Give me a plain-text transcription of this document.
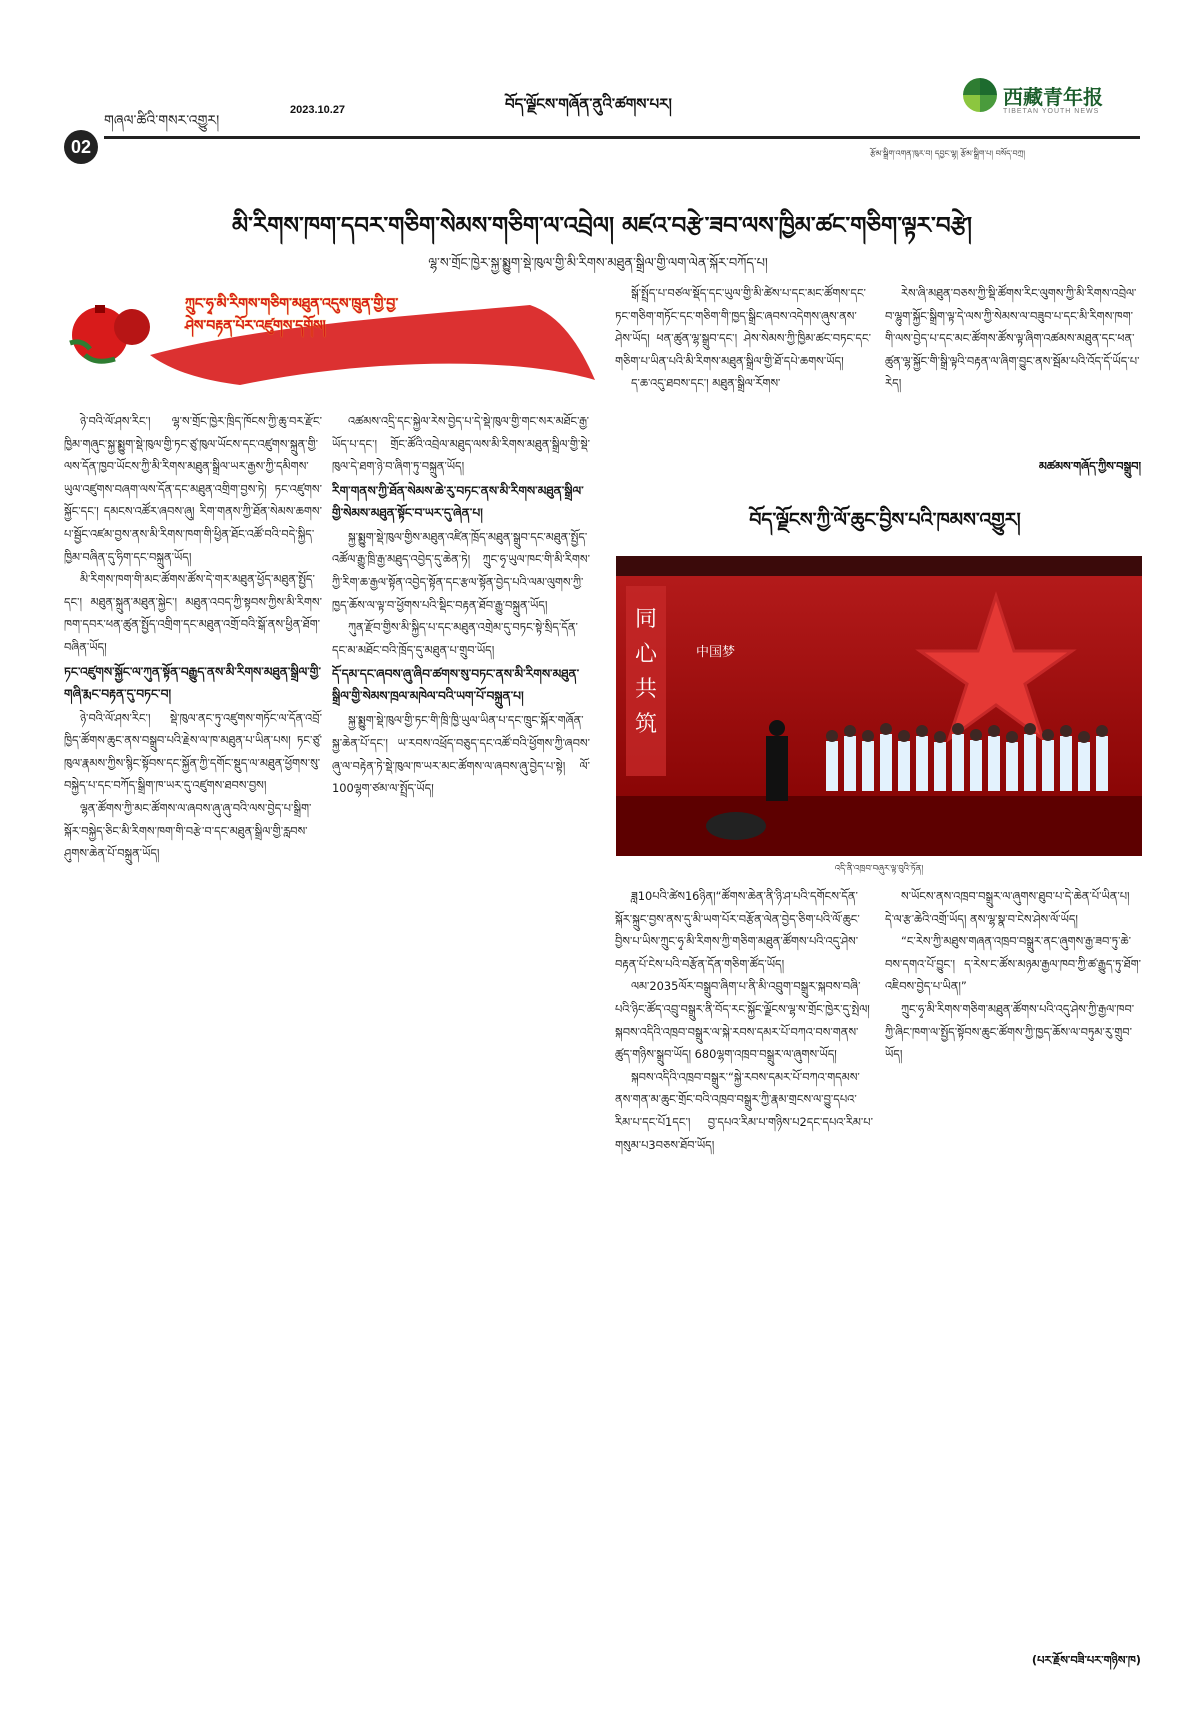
གཞལ་ཚིའི་གསར་འགྱུར།
2023.10.27	བོད་ལྗོངས་གཞོན་ནུའི་ཚགས་པར།	西藏青年报
TIBETAN YOUTH NEWS
02	རྩོམ་སྒྲིག་འགན་ཁུར་བ། དབྱང་ལྷ། རྩོམ་སྒྲིག་པ། བསོད་བཀྲ།
མི་རིགས་ཁག་དབར་གཅིག་སེམས་གཅིག་ལ་འབྲེལ། མཛའ་བརྩེ་ཟབ་ལས་ཁྱིམ་ཚང་གཅིག་ལྟར་བརྩེ།
ལྷ་ས་གྲོང་ཁྱེར་སྐྱ་སྨྱུག་སྡེ་ཁུལ་གྱི་མི་རིགས་མཐུན་སྒྲིལ་གྱི་ལག་ལེན་སྐོར་བཀོད་པ།
ཀྲུང་ཧྭ་མི་རིགས་གཅིག་མཐུན་འདུས་ཁྲུན་གྱི་བྱ་
ཤེས་བརྟན་པོར་འཛུགས་དགོས།

ཉེ་བའི་ལོ་ཤས་རིང་། ལྷ་ས་གྲོང་ཁྱེར་ཁྲིད་ཁོངས་ཀྱི་ཆུ་བར་རྫོང་ཁྱིམ་གཞུང་སྐྱ་སྨྱུག་སྡེ་ཁུལ་གྱི་ཏང་ཙུ་ཁུལ་ཡོངས་དང་འཛུགས་སྐྲུན་གྱི་ལས་དོན་ཁྱབ་ཡོངས་ཀྱི་མི་རིགས་མཐུན་སྒྲིལ་ཡར་རྒྱས་ཀྱི་དམིགས་ཡུལ་འཛུགས་བཞག་ལས་དོན་དང་མཐུན་འགྲིག་བྱས་ཏེ། ཏང་འཛུགས་སྐྱོང་དང་། དམངས་འཚོར་ཞབས་ཞུ། རིག་གནས་ཀྱི་ཐོན་སེམས་ཆགས་པ་སྦྱོང་འཛམ་བྱས་ནས་མི་རིགས་ཁག་གི་ཕྱིན་ཐོང་འཚོ་བའི་བདེ་སྐྱིད་ཁྱིམ་བཞིན་དུ་ཧིག་དང་བསྐྲུན་ཡོད།

མི་རིགས་ཁག་གི་མང་ཚོགས་ཚོས་དེ་གར་མཐུན་ཕྱོད་མཐུན་སྤྱོད་དང་། མཐུན་སྐྲུན་མཐུན་སྐྱེང་། མཐུན་འབད་ཀྱི་སྟབས་ཀྱིས་མི་རིགས་ཁག་དབར་ཕན་ཚུན་སྤྱོད་འགྲིག་དང་མཐུན་འགྲོ་བའི་སྒོ་ནས་ཕྱིན་ཐོག་བཞིན་ཡོད།

ཏང་འཛུགས་སྐྱོང་ལ་ཀུན་སྟོན་བརྒྱུད་ནས་མི་རིགས་མཐུན་སྒྲིལ་གྱི་གཞི་རྨང་བརྟན་དུ་བཏང་བ།

ཉེ་བའི་ལོ་ཤས་རིང་། སྡེ་ཁུལ་ནང་ཏུ་འཛུགས་གཏོང་ལ་དོན་འབྲོ་ཁྱིད་ཚོགས་ཆུང་ནས་བསྒྲུབ་པའི་རྗེས་ལ་ཁ་མཐུན་པ་ཡིན་པས། ཏང་ཙུ་ཁུལ་རྣམས་ཀྱིས་སྙིང་སྟོབས་དང་སྐྱོན་ཀྱི་དགོང་སྡུད་ལ་མཐུན་ཕྱོགས་སུ་བསྐྱེད་པ་དང་བཀོད་སྒྲིག་ཁ་ཡར་དུ་འཛུགས་ཐབས་བྱས།

ལྷན་ཚོགས་ཀྱི་མང་ཚོགས་ལ་ཞབས་ཞུ་ཞུ་བའི་ལས་བྱེད་པ་སྒྲིག་སྐོར་བསྐྱེད་ཅིང་མི་རིགས་ཁག་གི་བརྩེ་བ་དང་མཐུན་སྒྲིལ་གྱི་རླབས་ཤུགས་ཆེན་པོ་བསྐྲུན་ཡོད།

འཚམས་འདྲི་དང་སྐྱེལ་རེས་བྱེད་པ་དེ་སྡེ་ཁུལ་གྱི་གང་སར་མཐོང་རྒྱ་ཡོད་པ་དང་། གྲོང་ཚོའི་འབྲེལ་མཐུད་ལས་མི་རིགས་མཐུན་སྒྲིལ་གྱི་སྡེ་ཁུལ་དེ་ཐག་ཉེ་བ་ཞིག་ཏུ་བསྐྲུན་ཡོད།

རིག་གནས་ཀྱི་ཐོན་སེམས་ཆེ་རུ་བཏང་ནས་མི་རིགས་མཐུན་སྒྲིལ་གྱི་སེམས་མཐུན་སྟོང་བ་ཡར་དུ་ཞེན་པ།

སྐྱ་སྨྱུག་སྡེ་ཁུལ་གྱིས་མཐུན་འཛིན་ཁྲོད་མཐུན་སྒྲུབ་དང་མཐུན་སྤྱོད་འཚོལ་རྒྱུ་ཁྲི་རྒྱ་མཐུད་འབྱེད་དུ་ཆེན་ཏེ། ཀྲུང་ཧྭ་ཡུལ་ཁང་གི་མི་རིགས་ཀྱི་རིག་ཆ་རྒྱལ་སྟོན་འབྱེད་སྟོན་དང་རྩལ་སྟོན་བྱེད་པའི་ལམ་ལུགས་ཀྱི་ཁྱད་ཆོས་ལ་ལྟ་བ་ཕྱོགས་པའི་སྡིང་བརྟན་ཐོབ་རྒྱུ་བསྐྲུན་ཡོད།

ཀུན་རྫོབ་གྱིས་མི་སྐྱིད་པ་དང་མཐུན་འགྲེམ་དུ་བཏང་སྟེ་སྲིད་དོན་དང་མ་མཐོང་བའི་ཁྲོད་དུ་མཐུན་པ་གྲུབ་ཡོད།

དོ་དམ་དང་ཞབས་ཞུ་ཞིབ་ཚགས་སུ་བཏང་ནས་མི་རིགས་མཐུན་སྒྲིལ་གྱི་སེམས་ཁྲལ་མཁེལ་བའི་ཡག་པོ་བསྐྲུན་པ།

སྐྱ་སྨྱུག་སྡེ་ཁུལ་གྱི་ཏང་གི་ཁྲི་ཁྱི་ཡུལ་ཡིན་པ་དང་ཁྲུང་སྐོར་གཞོན་སྐྱ་ཆེན་པོ་དང་། ཡ་རབས་འཕྲོད་བཅུད་དང་འཚོ་བའི་ཕྱོགས་ཀྱི་ཞབས་ཞུ་ལ་བརྟེན་ཏེ་སྡེ་ཁུལ་ཁ་ཡར་མང་ཚོགས་ལ་ཞབས་ཞུ་བྱེད་པ་སྟེ། ལོ་100ལྷག་ཙམ་ལ་སྤྲོད་ཡོད།

སྒོ་སྤྲོད་པ་བཙལ་སྡོད་དང་ཡུལ་གྱི་མི་ཚེས་པ་དང་མང་ཚོགས་དང་ཏང་གཅིག་གཏོང་དང་གཅིག་གི་ཁྱད་སྒྲིང་ཞབས་འདེགས་ཞུས་ནས་ཤེས་ཡོད། ཕན་ཚུན་ལྷ་སྒྲུབ་དང་། ཤེས་སེམས་ཀྱི་ཁྱིམ་ཚང་བཏང་དང་གཅིག་པ་ཡིན་པའི་མི་རིགས་མཐུན་སྒྲིལ་གྱི་ཐོ་དཔེ་ཆགས་ཡོད།

ད་ཆ་འདུ་ཐབས་དང་། མཐུན་སྒྲིལ་རོགས་

རེས་ཞི་མཐུན་བཅས་ཀྱི་སྡི་ཚོགས་རིང་ལུགས་ཀྱི་མི་རིགས་འབྲེལ་བ་ལྷུག་སྐྱོང་སྒྲིག་ལྟ་དེ་ལས་ཀྱི་སེམས་ལ་བཟུབ་པ་དང་མི་རིགས་ཁག་གི་ལས་བྱེད་པ་དང་མང་ཚོགས་ཚོས་ལྟ་ཞིག་འཚམས་མཐུན་དང་ཕན་ཚུན་ལྷ་སྐྱོང་གི་སྒྲི་ལྟའི་བརྟན་ལ་ཞིག་བྱུང་ནས་སྦོམ་པའི་འོད་དོ་ཡོད་པ་རེད།

མཚམས་གཞོད་ཀྱིས་བསྒྲུབ།
བོད་ལྗོངས་ཀྱི་ལོ་ཆུང་བྱིས་པའི་ཁམས་འགྱུར།
同
心
共
筑
中国梦
འདི་ནི་འཁྲབ་བཞུར་ལྟ་བུའི་ཏོན།

ཟླ10པའི་ཚེས16ཉིན།“ཚོགས་ཆེན་ནི་ཉི་ཤ་པའི་དགོངས་དོན་སྐོར་སྐྲུང་བྱས་ནས་དུ་མི་ཡག་པོར་བརྩོན་ལེན་བྱེད་ཅིག་པའི་ལོ་ཆུང་བྱིས་པ་ཡིས་ཀྲུང་ཧྭ་མི་རིགས་ཀྱི་གཅིག་མཐུན་ཚོགས་པའི་འདུ་ཤེས་བརྟན་པོ་ངེས་པའི་བརྩོན་དོན་གཅིག་ཚོད་ཡོད།

ལམ་2035ལོར་བསྒྲུབ་ཞིག་པ་ནི་མི་འབྲུག་བསྒྲུར་སྐབས་བཞི་པའི་ཉིང་ཚོད་འབྲུ་བསྒྲུར་ནི་བོད་རང་སྐྱོང་ལྗོངས་ལྷ་ས་གྲོང་ཁྱེར་དུ་སྤེལ། སྐབས་འདིའི་འཁྲབ་བསྒྲུར་ལ་སྐེ་རབས་དམར་པོ་བཀའ་བས་གནས་ཚུད་གཉིས་སྒྲུབ་ཡོད། 680ལྷག་འཁྲབ་བསྒྲུར་ལ་ཞུགས་ཡོད།

སྐབས་འདིའི་འཁྲབ་བསྒྲུར་“སྐྱེ་རབས་དམར་པོ་བཀའ་གདམས་ནས་གན་མ་ཆུང་གྲོང་བའི་འཁྲབ་བསྒྲུར་ཀྱི་རྣམ་གྲངས་ལ་བྱུ་དཔའ་རིམ་པ་དང་པོ1དང་། བྱ་དཔའ་རིམ་པ་གཉིས་པ2དང་དཔའ་རིམ་པ་གསུམ་པ3བཅས་ཐོབ་ཡོད།

ས་ཡོངས་ནས་འཁྲབ་བསྒྲུར་ལ་ཞུགས་ཐུབ་པ་དེ་ཆེན་པོ་ཡིན་པ། དེ་ལ་རྩ་ཆེའི་འགྲོ་ཡོད། ནས་ལྷ་སྣ་བ་ངེས་ཤེས་ལོ་ཡོད།

“ང་རེས་ཀྱི་མཐུས་གཞན་འཁྲབ་བསྒྲུར་ནང་ཞུགས་རྒྱ་ཟབ་ཏུ་ཆེ་བས་དགའ་པོ་བྱུང་། ད་རེས་ང་ཚོས་མཉམ་རྒྱལ་ཁབ་ཀྱི་ཚ་རྒྱུད་ཏུ་ཐོག་འཇིབས་བྱེད་པ་ཡིན།”

ཀྲུང་ཧྭ་མི་རིགས་གཅིག་མཐུན་ཚོགས་པའི་འདུ་ཤེས་ཀྱི་རྒྱལ་ཁབ་ཀྱི་ཞིང་ཁག་ལ་སྤྱོད་སྟོབས་ཆུང་ཚོགས་ཀྱི་ཁྱད་ཆོས་ལ་བཏུམ་རུ་གྲུབ་ཡོད།

(པར་རྗོས་བཟི་པར་གཉིས་ཁ)
